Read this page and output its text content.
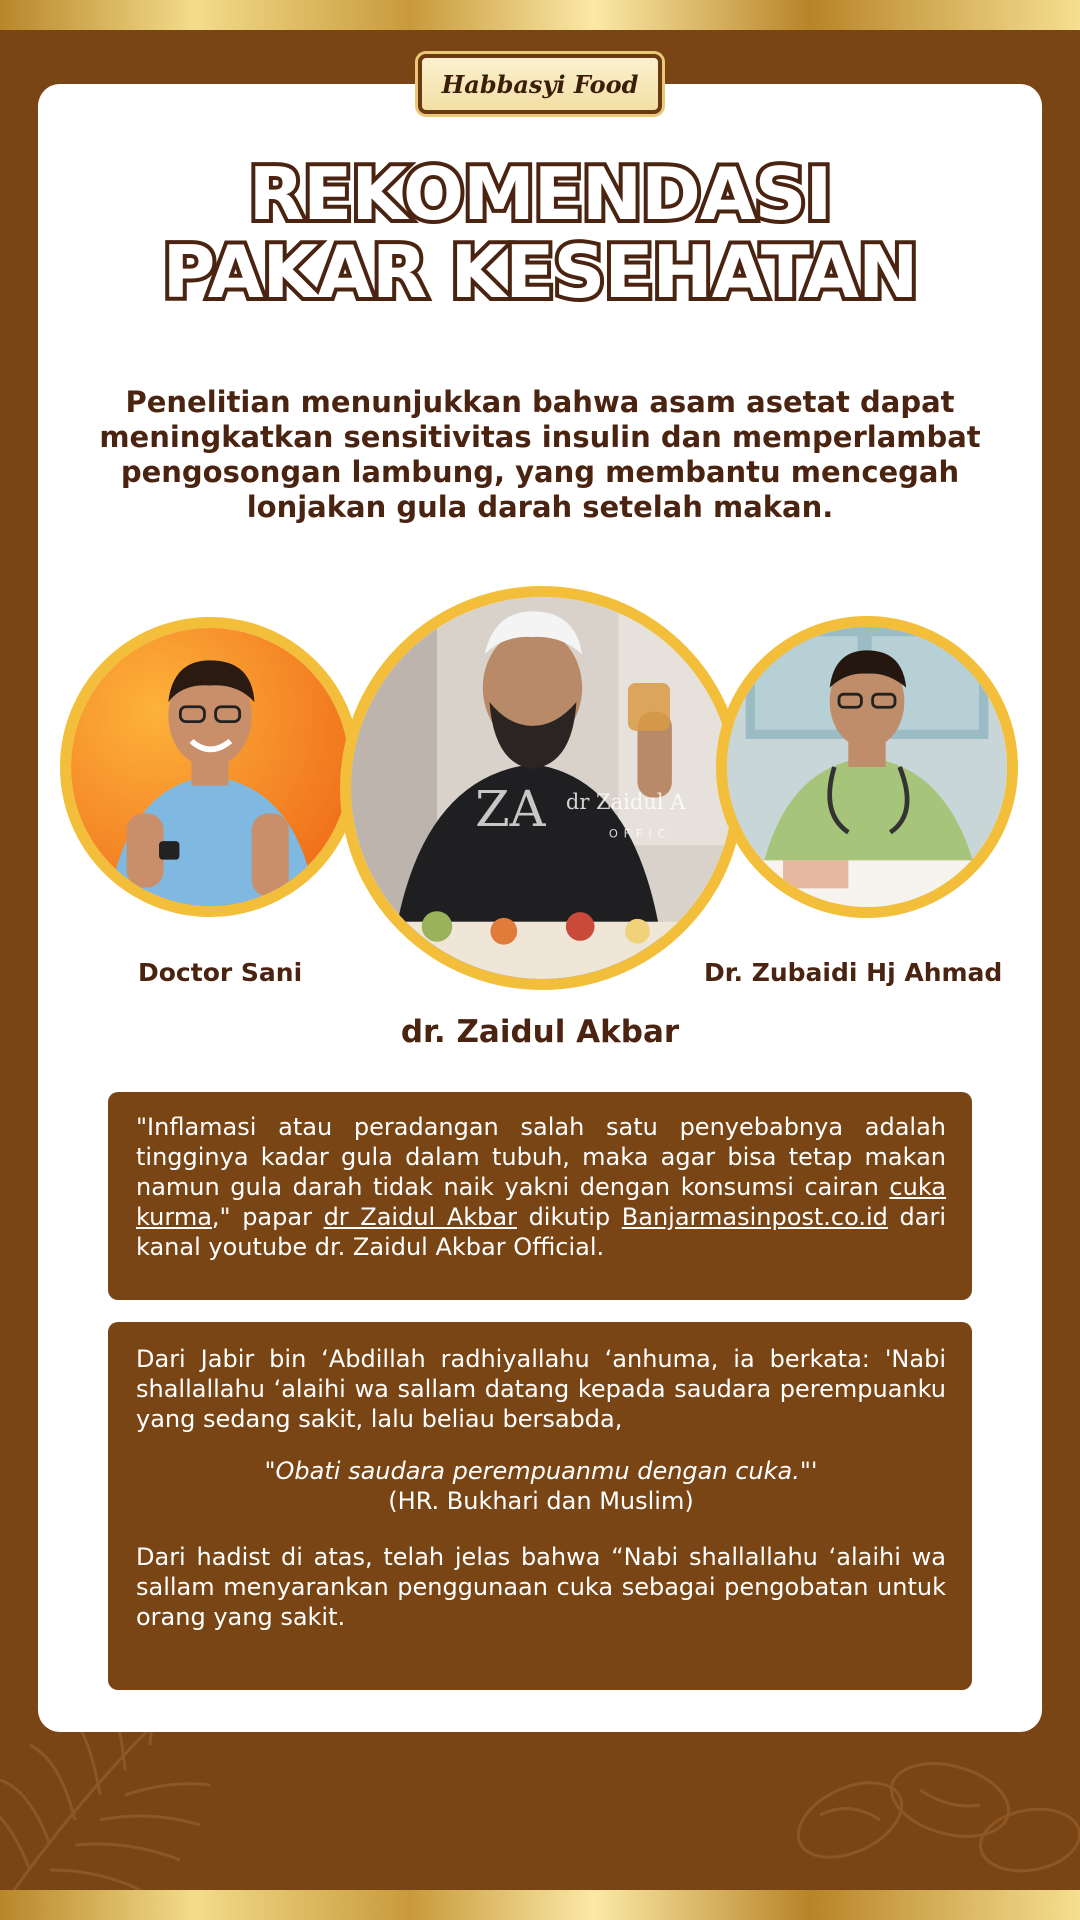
Habbasyi Food
REKOMENDASI
PAKAR KESEHATAN
Penelitian menunjukkan bahwa asam asetat dapat meningkatkan sensitivitas insulin dan memperlambat pengosongan lambung, yang membantu mencegah lonjakan gula darah setelah makan.
ZA dr Zaidul A
OFFIC
Doctor Sani	Dr. Zubaidi Hj Ahmad
dr. Zaidul Akbar

"Inflamasi atau peradangan salah satu penyebabnya adalah tingginya kadar gula dalam tubuh, maka agar bisa tetap makan namun gula darah tidak naik yakni dengan konsumsi cairan cuka kurma," papar dr Zaidul Akbar dikutip Banjarmasinpost.co.id dari kanal youtube dr. Zaidul Akbar Official.

Dari Jabir bin ‘Abdillah radhiyallahu ‘anhuma, ia berkata: 'Nabi shallallahu ‘alaihi wa sallam datang kepada saudara perempuanku yang sedang sakit, lalu beliau bersabda,

"Obati saudara perempuanmu dengan cuka."'
(HR. Bukhari dan Muslim)

Dari hadist di atas, telah jelas bahwa “Nabi shallallahu ‘alaihi wa sallam menyarankan penggunaan cuka sebagai pengobatan untuk orang yang sakit.
